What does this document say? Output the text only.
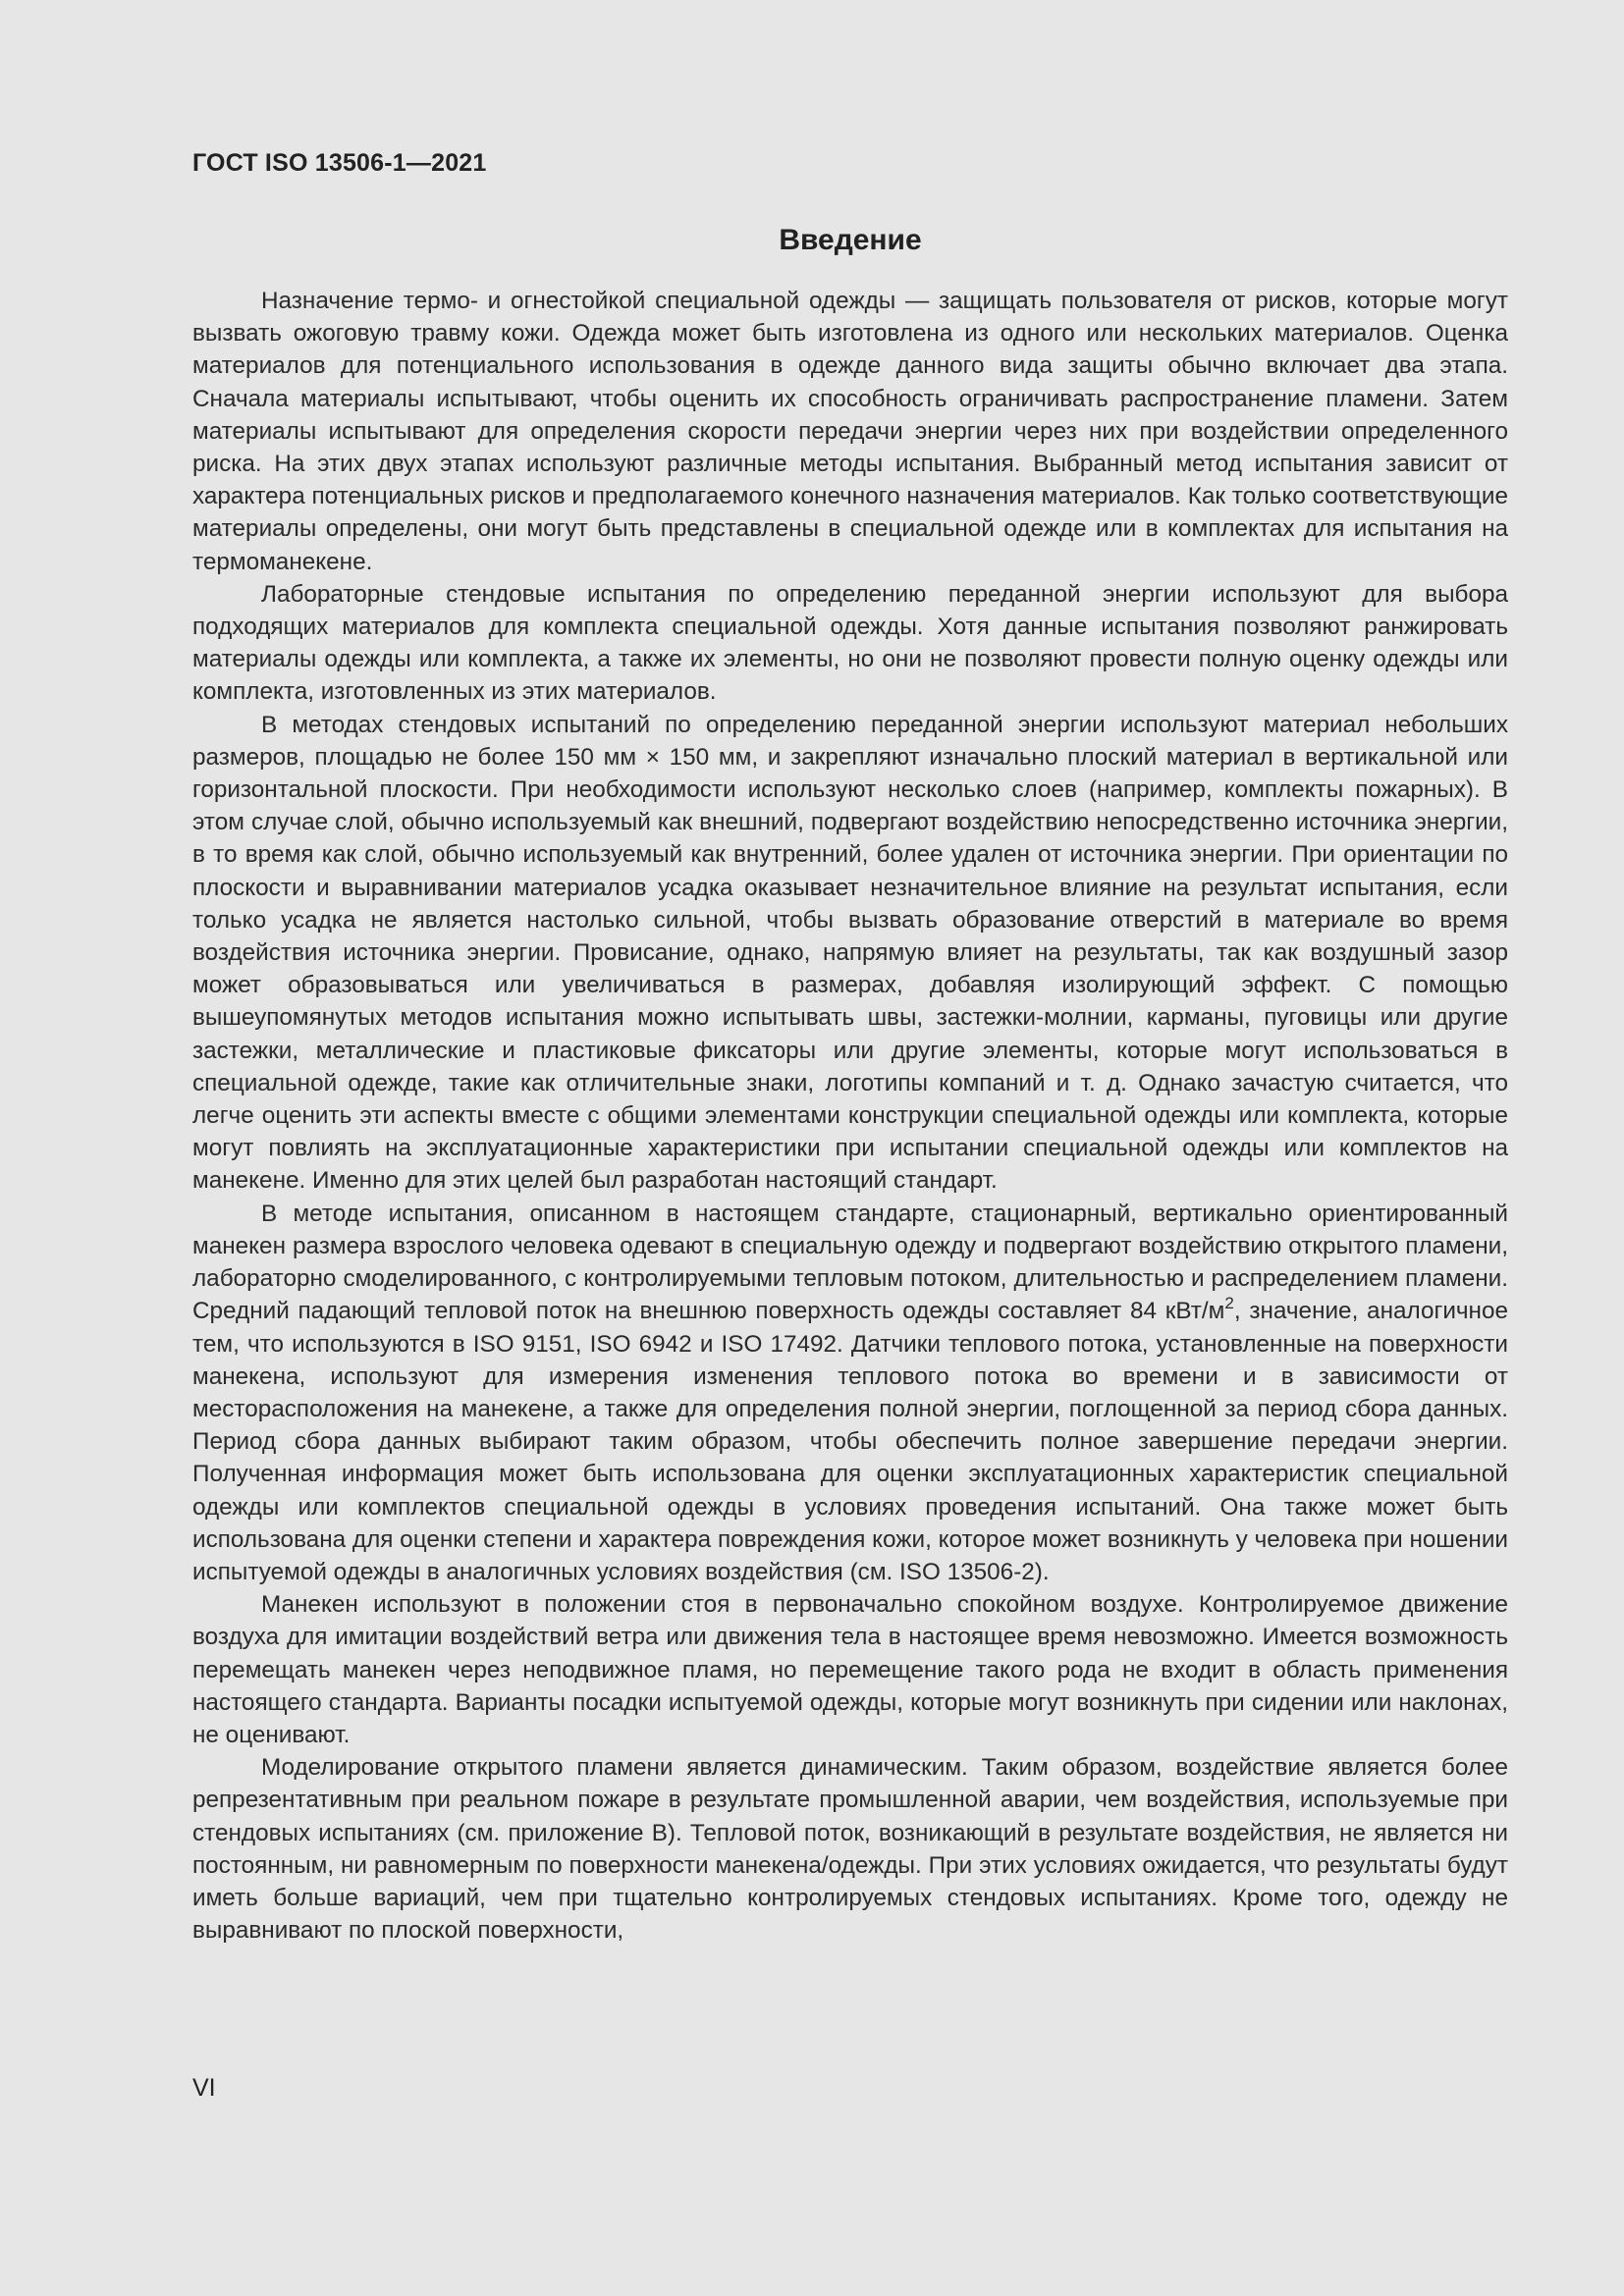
ГОСТ ISO 13506-1—2021
Введение

Назначение термо- и огнестойкой специальной одежды — защищать пользователя от рисков, которые могут вызвать ожоговую травму кожи. Одежда может быть изготовлена из одного или нескольких материалов. Оценка материалов для потенциального использования в одежде данного вида защиты обычно включает два этапа. Сначала материалы испытывают, чтобы оценить их способность ограничивать распространение пламени. Затем материалы испытывают для определения скорости передачи энергии через них при воздействии определенного риска. На этих двух этапах используют различные методы испытания. Выбранный метод испытания зависит от характера потенциальных рисков и предполагаемого конечного назначения материалов. Как только соответствующие материалы определены, они могут быть представлены в специальной одежде или в комплектах для испытания на термоманекене.

Лабораторные стендовые испытания по определению переданной энергии используют для выбора подходящих материалов для комплекта специальной одежды. Хотя данные испытания позволяют ранжировать материалы одежды или комплекта, а также их элементы, но они не позволяют провести полную оценку одежды или комплекта, изготовленных из этих материалов.

В методах стендовых испытаний по определению переданной энергии используют материал небольших размеров, площадью не более 150 мм × 150 мм, и закрепляют изначально плоский материал в вертикальной или горизонтальной плоскости. При необходимости используют несколько слоев (например, комплекты пожарных). В этом случае слой, обычно используемый как внешний, подвергают воздействию непосредственно источника энергии, в то время как слой, обычно используемый как внутренний, более удален от источника энергии. При ориентации по плоскости и выравнивании материалов усадка оказывает незначительное влияние на результат испытания, если только усадка не является настолько сильной, чтобы вызвать образование отверстий в материале во время воздействия источника энергии. Провисание, однако, напрямую влияет на результаты, так как воздушный зазор может образовываться или увеличиваться в размерах, добавляя изолирующий эффект. С помощью вышеупомянутых методов испытания можно испытывать швы, застежки-молнии, карманы, пуговицы или другие застежки, металлические и пластиковые фиксаторы или другие элементы, которые могут использоваться в специальной одежде, такие как отличительные знаки, логотипы компаний и т. д. Однако зачастую считается, что легче оценить эти аспекты вместе с общими элементами конструкции специальной одежды или комплекта, которые могут повлиять на эксплуатационные характеристики при испытании специальной одежды или комплектов на манекене. Именно для этих целей был разработан настоящий стандарт.

В методе испытания, описанном в настоящем стандарте, стационарный, вертикально ориентированный манекен размера взрослого человека одевают в специальную одежду и подвергают воздействию открытого пламени, лабораторно смоделированного, с контролируемыми тепловым потоком, длительностью и распределением пламени. Средний падающий тепловой поток на внешнюю поверхность одежды составляет 84 кВт/$м^2$, значение, аналогичное тем, что используются в ISO 9151, ISO 6942 и ISO 17492. Датчики теплового потока, установленные на поверхности манекена, используют для измерения изменения теплового потока во времени и в зависимости от месторасположения на манекене, а также для определения полной энергии, поглощенной за период сбора данных. Период сбора данных выбирают таким образом, чтобы обеспечить полное завершение передачи энергии. Полученная информация может быть использована для оценки эксплуатационных характеристик специальной одежды или комплектов специальной одежды в условиях проведения испытаний. Она также может быть использована для оценки степени и характера повреждения кожи, которое может возникнуть у человека при ношении испытуемой одежды в аналогичных условиях воздействия (см. ISO 13506-2).

Манекен используют в положении стоя в первоначально спокойном воздухе. Контролируемое движение воздуха для имитации воздействий ветра или движения тела в настоящее время невозможно. Имеется возможность перемещать манекен через неподвижное пламя, но перемещение такого рода не входит в область применения настоящего стандарта. Варианты посадки испытуемой одежды, которые могут возникнуть при сидении или наклонах, не оценивают.

Моделирование открытого пламени является динамическим. Таким образом, воздействие является более репрезентативным при реальном пожаре в результате промышленной аварии, чем воздействия, используемые при стендовых испытаниях (см. приложение В). Тепловой поток, возникающий в результате воздействия, не является ни постоянным, ни равномерным по поверхности манекена/одежды. При этих условиях ожидается, что результаты будут иметь больше вариаций, чем при тщательно контролируемых стендовых испытаниях. Кроме того, одежду не выравнивают по плоской поверхности,

VI
